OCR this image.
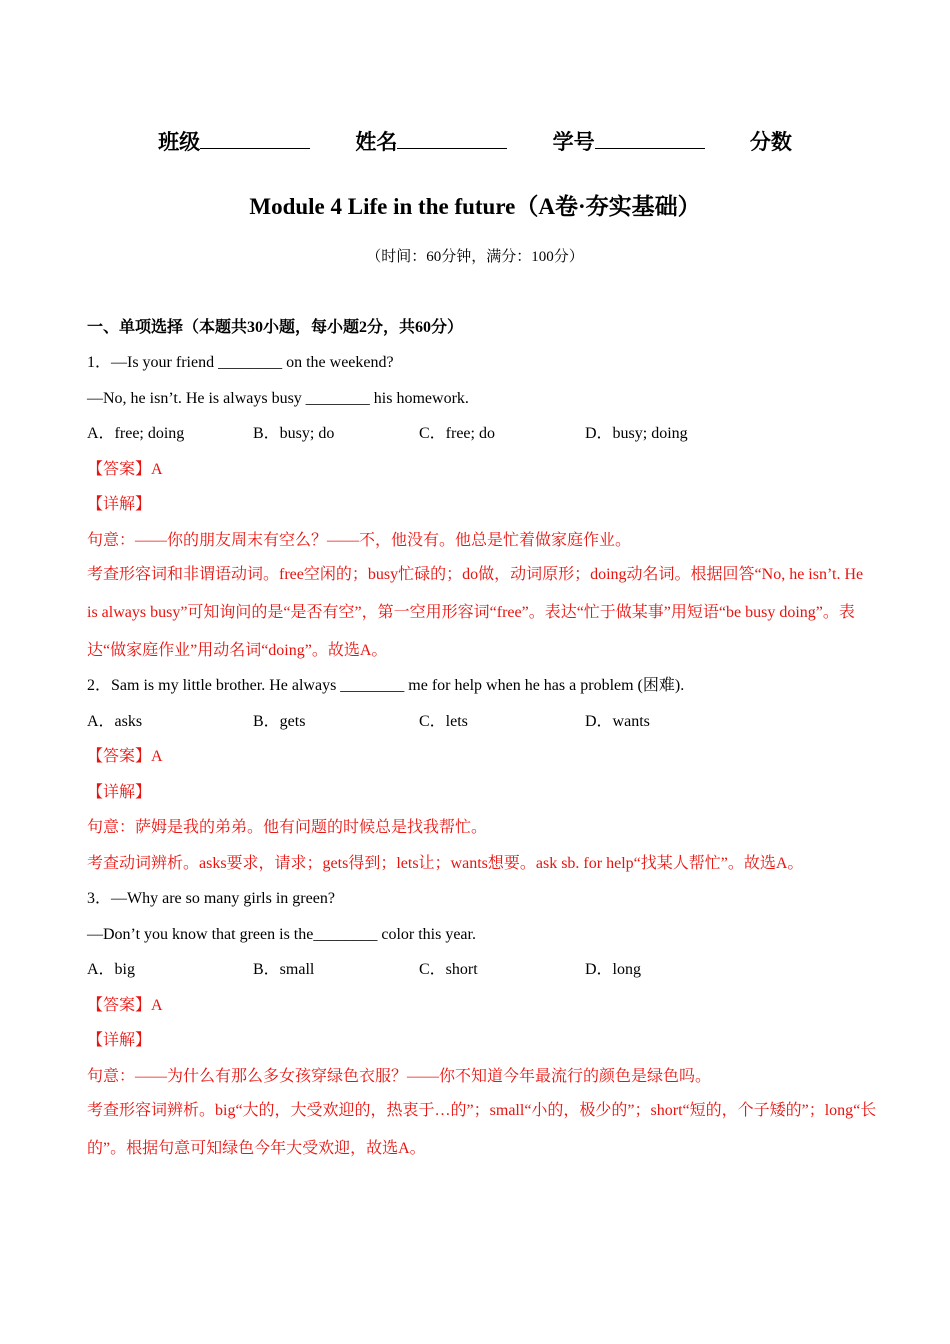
班级	姓名	学号	分数
Module 4 Life in the future（A卷·夯实基础）
（时间：60分钟，满分：100分）
一、单项选择（本题共30小题，每小题2分，共60分）
1．—Is your friend ________ on the weekend?
—No, he isn’t. He is always busy ________ his homework.
A．free; doing	B．busy; do	C．free; do	D．busy; doing
【答案】A
【详解】
句意：——你的朋友周末有空么？——不，他没有。他总是忙着做家庭作业。
考查形容词和非谓语动词。free空闲的；busy忙碌的；do做，动词原形；doing动名词。根据回答“No, he isn’t. He is always busy”可知询问的是“是否有空”，第一空用形容词“free”。表达“忙于做某事”用短语“be busy doing”。表达“做家庭作业”用动名词“doing”。故选A。
2．Sam is my little brother. He always ________ me for help when he has a problem (困难).
A．asks	B．gets	C．lets	D．wants
【答案】A
【详解】
句意：萨姆是我的弟弟。他有问题的时候总是找我帮忙。
考查动词辨析。asks要求，请求；gets得到；lets让；wants想要。ask sb. for help“找某人帮忙”。故选A。
3．—Why are so many girls in green?
—Don’t you know that green is the________ color this year.
A．big	B．small	C．short	D．long
【答案】A
【详解】
句意：——为什么有那么多女孩穿绿色衣服？——你不知道今年最流行的颜色是绿色吗。
考查形容词辨析。big“大的，大受欢迎的，热衷于…的”；small“小的，极少的”；short“短的，个子矮的”；long“长的”。根据句意可知绿色今年大受欢迎，故选A。
